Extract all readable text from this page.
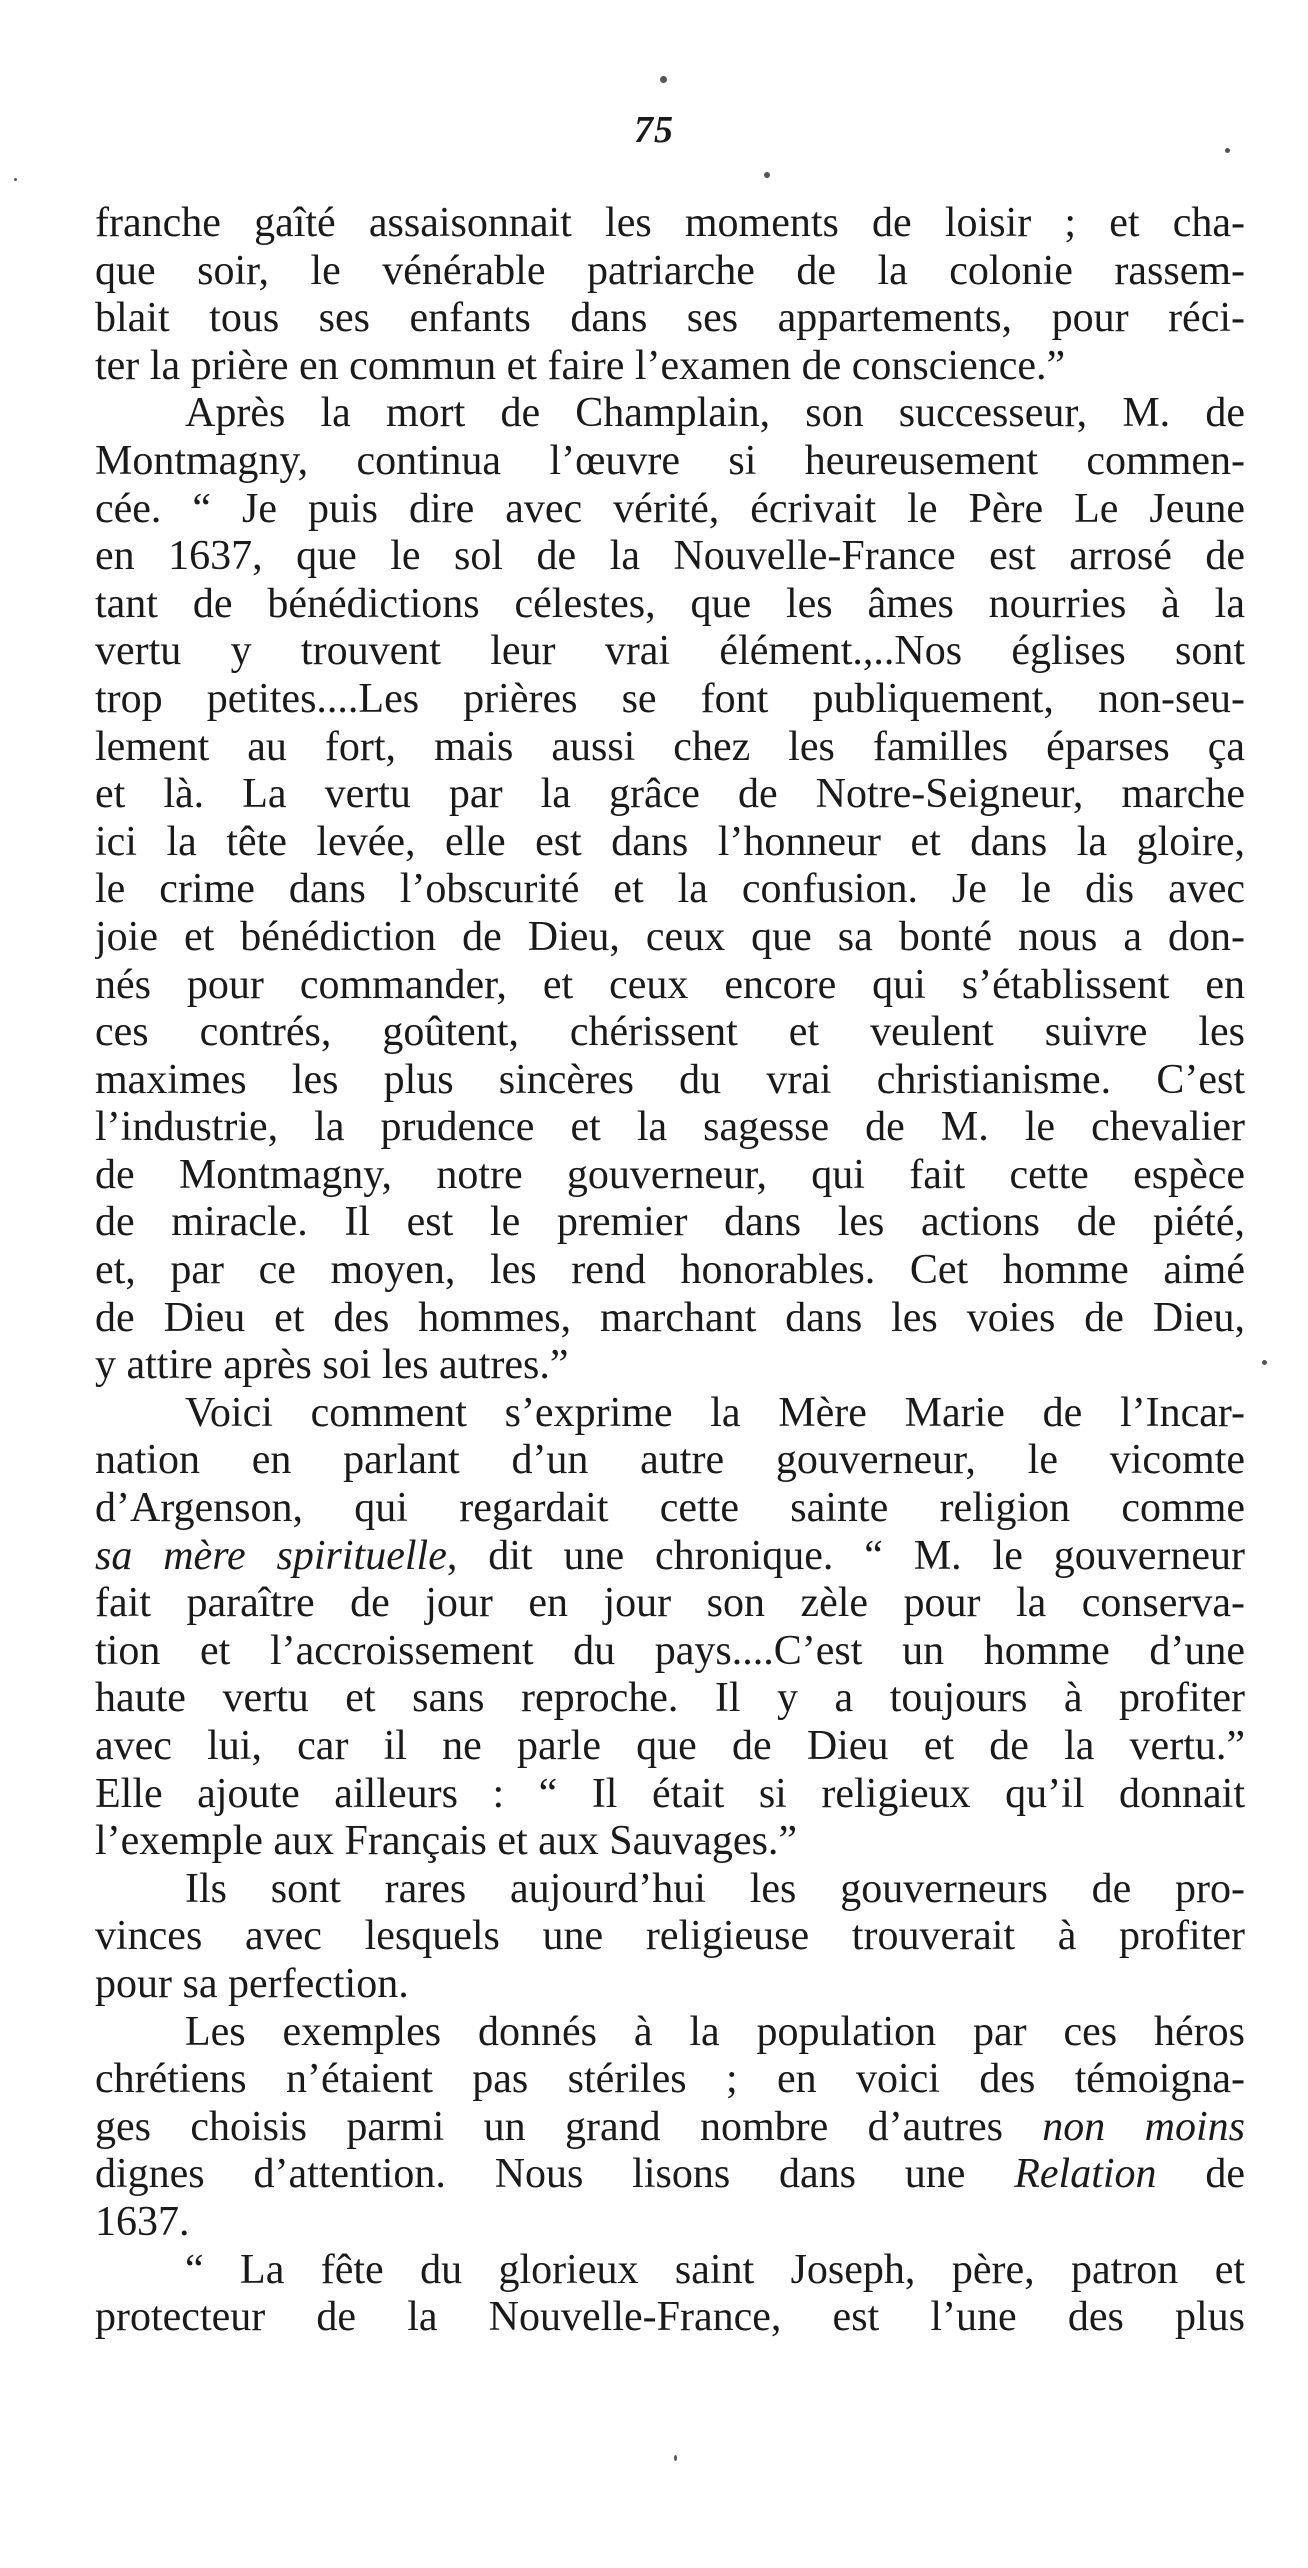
75
franche gaîté assaisonnait les moments de loisir ; et cha-
que soir, le vénérable patriarche de la colonie rassem-
blait tous ses enfants dans ses appartements, pour réci-
ter la prière en commun et faire l’examen de conscience.”
Après la mort de Champlain, son successeur, M. de
Montmagny, continua l’œuvre si heureusement commen-
cée. “ Je puis dire avec vérité, écrivait le Père Le Jeune
en 1637, que le sol de la Nouvelle-France est arrosé de
tant de bénédictions célestes, que les âmes nourries à la
vertu y trouvent leur vrai élément.,..Nos églises sont
trop petites....Les prières se font publiquement, non-seu-
lement au fort, mais aussi chez les familles éparses ça
et là. La vertu par la grâce de Notre-Seigneur, marche
ici la tête levée, elle est dans l’honneur et dans la gloire,
le crime dans l’obscurité et la confusion. Je le dis avec
joie et bénédiction de Dieu, ceux que sa bonté nous a don-
nés pour commander, et ceux encore qui s’établissent en
ces contrés, goûtent, chérissent et veulent suivre les
maximes les plus sincères du vrai christianisme. C’est
l’industrie, la prudence et la sagesse de M. le chevalier
de Montmagny, notre gouverneur, qui fait cette espèce
de miracle. Il est le premier dans les actions de piété,
et, par ce moyen, les rend honorables. Cet homme aimé
de Dieu et des hommes, marchant dans les voies de Dieu,
y attire après soi les autres.”
Voici comment s’exprime la Mère Marie de l’Incar-
nation en parlant d’un autre gouverneur, le vicomte
d’Argenson, qui regardait cette sainte religion comme
sa mère spirituelle, dit une chronique. “ M. le gouverneur
fait paraître de jour en jour son zèle pour la conserva-
tion et l’accroissement du pays....C’est un homme d’une
haute vertu et sans reproche. Il y a toujours à profiter
avec lui, car il ne parle que de Dieu et de la vertu.”
Elle ajoute ailleurs : “ Il était si religieux qu’il donnait
l’exemple aux Français et aux Sauvages.”
Ils sont rares aujourd’hui les gouverneurs de pro-
vinces avec lesquels une religieuse trouverait à profiter
pour sa perfection.
Les exemples donnés à la population par ces héros
chrétiens n’étaient pas stériles ; en voici des témoigna-
ges choisis parmi un grand nombre d’autres non moins
dignes d’attention. Nous lisons dans une Relation de
1637.
“ La fête du glorieux saint Joseph, père, patron et
protecteur de la Nouvelle-France, est l’une des plus
